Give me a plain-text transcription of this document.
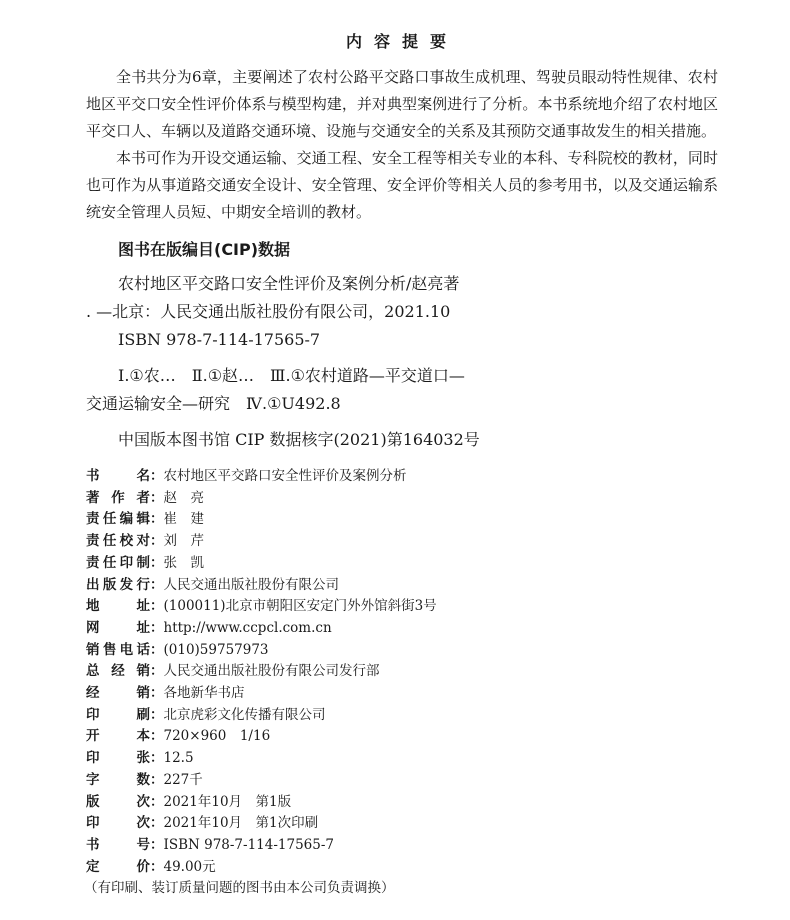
内容提要

全书共分为6章，主要阐述了农村公路平交路口事故生成机理、驾驶员眼动特性规律、农村地区平交口安全性评价体系与模型构建，并对典型案例进行了分析。本书系统地介绍了农村地区平交口人、车辆以及道路交通环境、设施与交通安全的关系及其预防交通事故发生的相关措施。

本书可作为开设交通运输、交通工程、安全工程等相关专业的本科、专科院校的教材，同时也可作为从事道路交通安全设计、安全管理、安全评价等相关人员的参考用书，以及交通运输系统安全管理人员短、中期安全培训的教材。

图书在版编目(CIP)数据
农村地区平交路口安全性评价及案例分析/赵亮著
. —北京：人民交通出版社股份有限公司，2021.10
ISBN 978-7-114-17565-7
Ⅰ.①农…　Ⅱ.①赵…　Ⅲ.①农村道路—平交道口—
交通运输安全—研究　Ⅳ.①U492.8
中国版本图书馆 CIP 数据核字(2021)第164032号
书名 ： 农村地区平交路口安全性评价及案例分析
著作者 ： 赵　亮
责任编辑 ： 崔　建
责任校对 ： 刘　芹
责任印制 ： 张　凯
出版发行 ： 人民交通出版社股份有限公司
地址 ： (100011)北京市朝阳区安定门外外馆斜街3号
网址 ： http://www.ccpcl.com.cn
销售电话 ： (010)59757973
总经销 ： 人民交通出版社股份有限公司发行部
经销 ： 各地新华书店
印刷 ： 北京虎彩文化传播有限公司
开本 ： 720×960　1/16
印张 ： 12.5
字数 ： 227千
版次 ： 2021年10月　第1版
印次 ： 2021年10月　第1次印刷
书号 ： ISBN 978-7-114-17565-7
定价 ： 49.00元
（有印刷、装订质量问题的图书由本公司负责调换）
